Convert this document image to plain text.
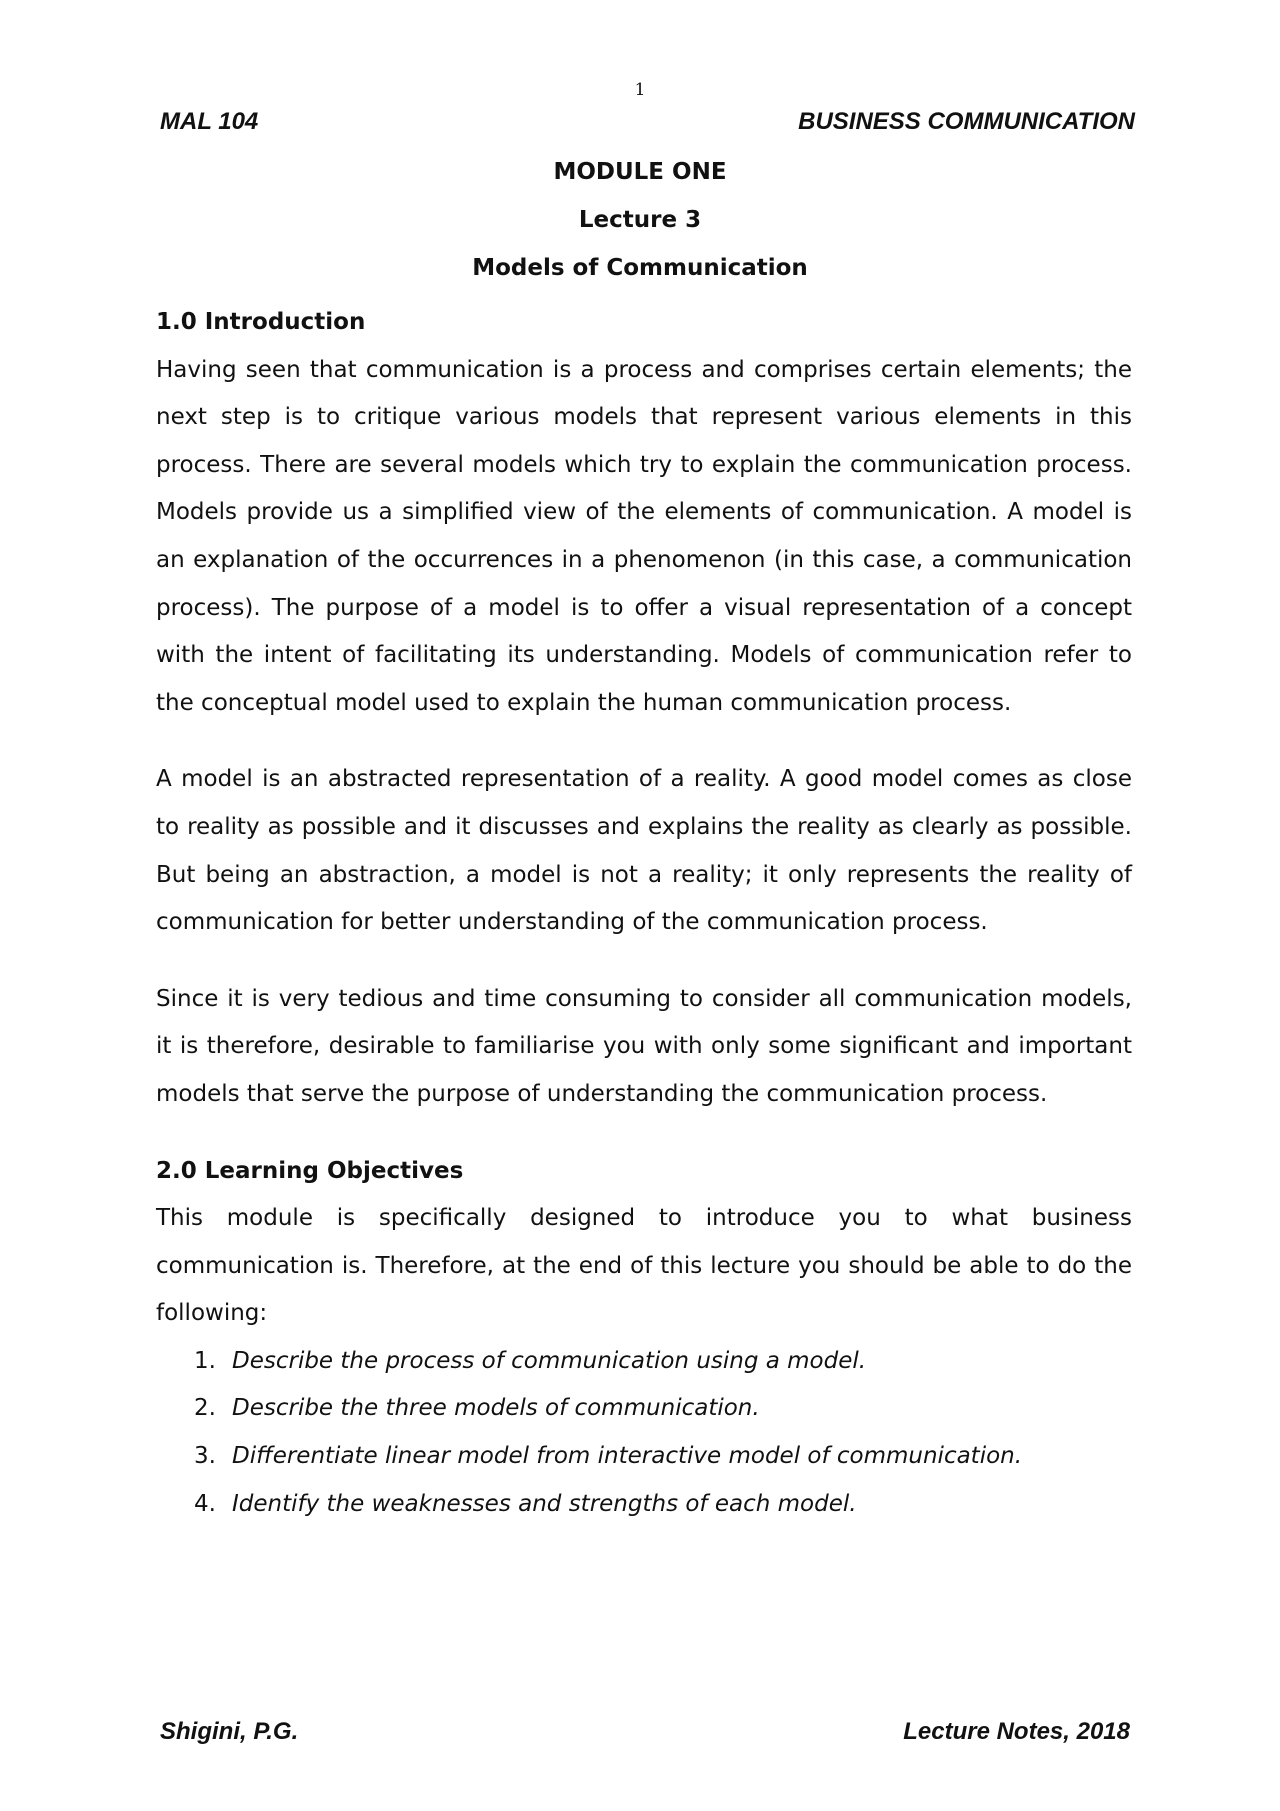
1
MAL 104	BUSINESS COMMUNICATION
MODULE ONE
Lecture 3
Models of Communication

1.0 Introduction

Having seen that communication is a process and comprises certain elements; the next step is to critique various models that represent various elements in this process. There are several models which try to explain the communication process. Models provide us a simplified view of the elements of communication. A model is an explanation of the occurrences in a phenomenon (in this case, a communication process). The purpose of a model is to offer a visual representation of a concept with the intent of facilitating its understanding. Models of communication refer to the conceptual model used to explain the human communication process.

A model is an abstracted representation of a reality. A good model comes as close to reality as possible and it discusses and explains the reality as clearly as possible. But being an abstraction, a model is not a reality; it only represents the reality of communication for better understanding of the communication process.

Since it is very tedious and time consuming to consider all communication models, it is therefore, desirable to familiarise you with only some significant and important models that serve the purpose of understanding the communication process.

2.0 Learning Objectives

This module is specifically designed to introduce you to what business communication is. Therefore, at the end of this lecture you should be able to do the following:

1. Describe the process of communication using a model.
2. Describe the three models of communication.
3. Differentiate linear model from interactive model of communication.
4. Identify the weaknesses and strengths of each model.
Shigini, P.G.	Lecture Notes, 2018
